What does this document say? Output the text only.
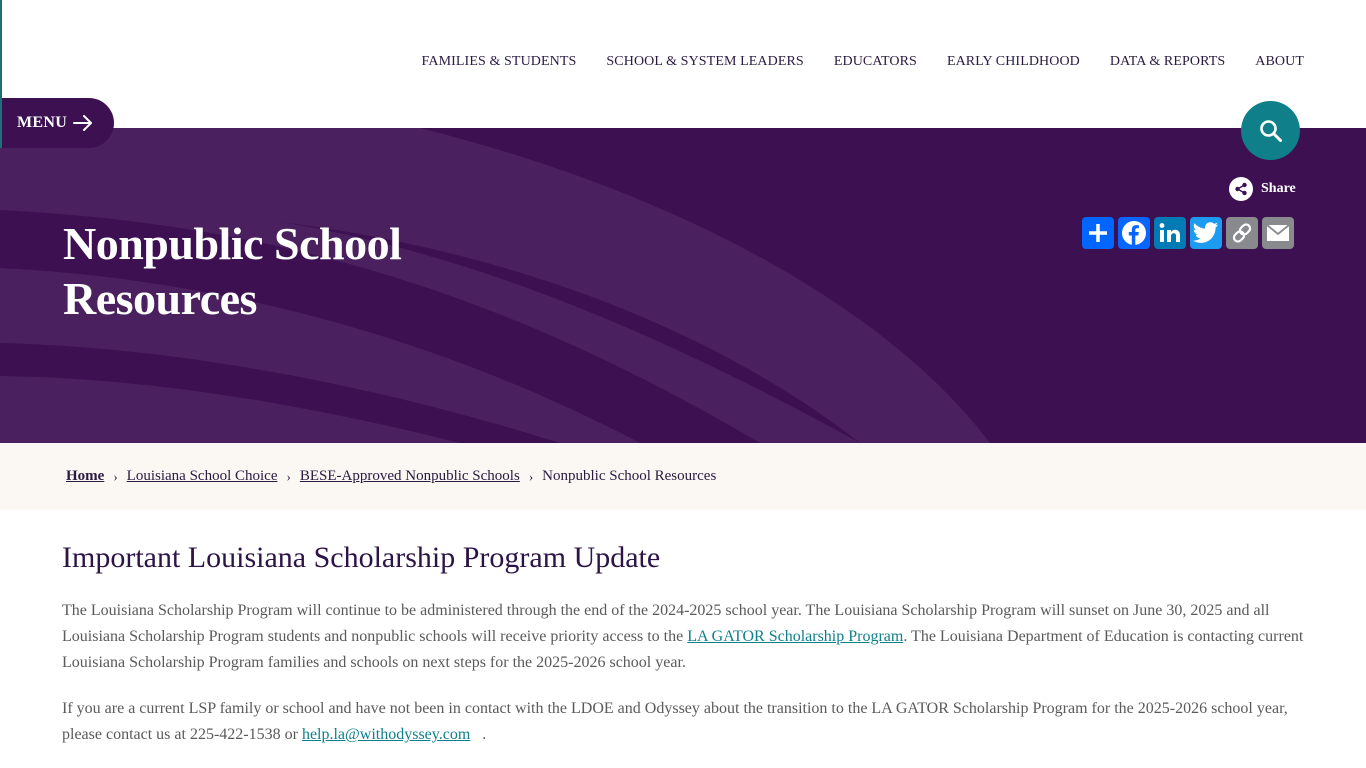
FAMILIES & STUDENTS SCHOOL & SYSTEM LEADERS EDUCATORS EARLY CHILDHOOD DATA & REPORTS ABOUT
MENU
Nonpublic School
Resources
Share
Home › Louisiana School Choice › BESE-Approved Nonpublic Schools › Nonpublic School Resources
Important Louisiana Scholarship Program Update

The Louisiana Scholarship Program will continue to be administered through the end of the 2024-2025 school year. The Louisiana Scholarship Program will sunset on June 30, 2025 and all Louisiana Scholarship Program students and nonpublic schools will receive priority access to the LA GATOR Scholarship Program. The Louisiana Department of Education is contacting current Louisiana Scholarship Program families and schools on next steps for the 2025-2026 school year.

If you are a current LSP family or school and have not been in contact with the LDOE and Odyssey about the transition to the LA GATOR Scholarship Program for the 2025-2026 school year, please contact us at 225-422-1538 or help.la@withodyssey.com   .
